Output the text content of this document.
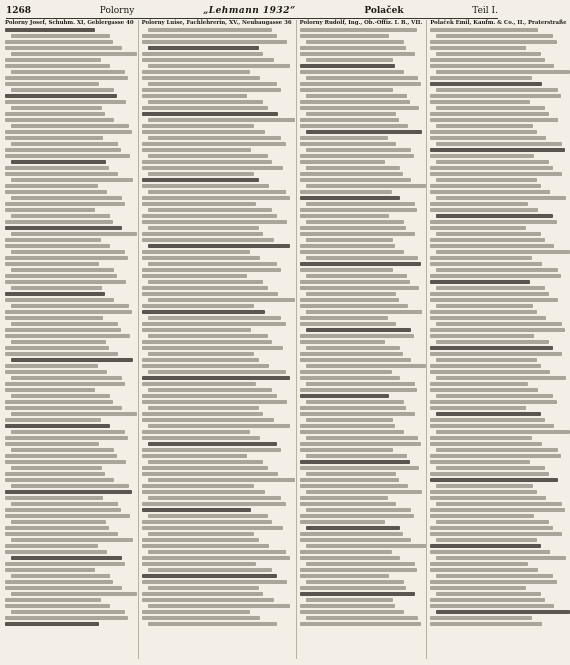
1268	Polorny	„Lehmann 1932“	Polaček	Teil I.
Polorny Josef, Schuhm. XI, Geblergasse 40 Polorny Luise, Fachlehrerin, XV., Neubaugasse 36 Polorny Rudolf, Ing., Ob.-Offiz. I. B., VII. Polaček Emil, Kaufm. & Co., II., Praterstraße
